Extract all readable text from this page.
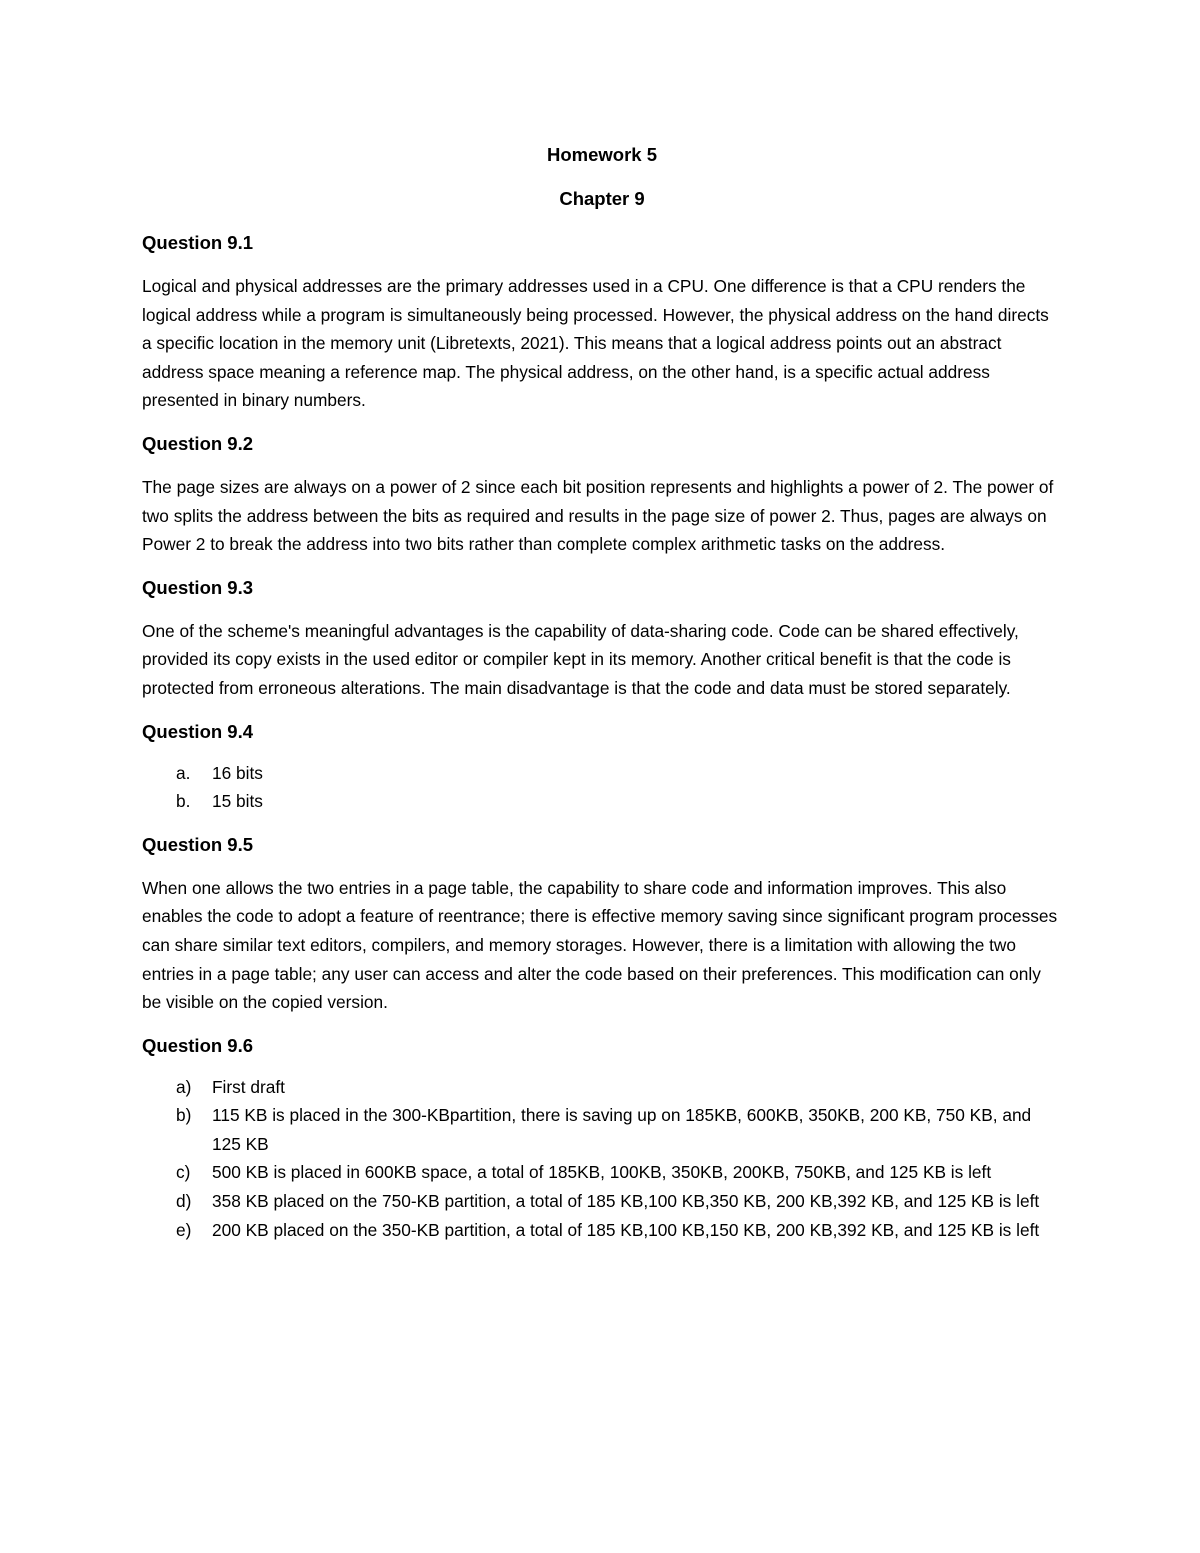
Homework 5

Chapter 9

Question 9.1

Logical and physical addresses are the primary addresses used in a CPU. One difference is that a CPU renders the logical address while a program is simultaneously being processed. However, the physical address on the hand directs a specific location in the memory unit (Libretexts, 2021). This means that a logical address points out an abstract address space meaning a reference map. The physical address, on the other hand, is a specific actual address presented in binary numbers.

Question 9.2

The page sizes are always on a power of 2 since each bit position represents and highlights a power of 2. The power of two splits the address between the bits as required and results in the page size of power 2. Thus, pages are always on Power 2 to break the address into two bits rather than complete complex arithmetic tasks on the address.

Question 9.3

One of the scheme's meaningful advantages is the capability of data-sharing code. Code can be shared effectively, provided its copy exists in the used editor or compiler kept in its memory. Another critical benefit is that the code is protected from erroneous alterations. The main disadvantage is that the code and data must be stored separately.

Question 9.4

a. 16 bits
b. 15 bits

Question 9.5

When one allows the two entries in a page table, the capability to share code and information improves. This also enables the code to adopt a feature of reentrance; there is effective memory saving since significant program processes can share similar text editors, compilers, and memory storages. However, there is a limitation with allowing the two entries in a page table; any user can access and alter the code based on their preferences. This modification can only be visible on the copied version.

Question 9.6

a) First draft
b) 115 KB is placed in the 300-KBpartition, there is saving up on 185KB, 600KB, 350KB, 200 KB, 750 KB, and 125 KB
c) 500 KB is placed in 600KB space, a total of 185KB, 100KB, 350KB, 200KB, 750KB, and 125 KB is left
d) 358 KB placed on the 750-KB partition, a total of 185 KB,100 KB,350 KB, 200 KB,392 KB, and 125 KB is left
e) 200 KB placed on the 350-KB partition, a total of 185 KB,100 KB,150 KB, 200 KB,392 KB, and 125 KB is left
